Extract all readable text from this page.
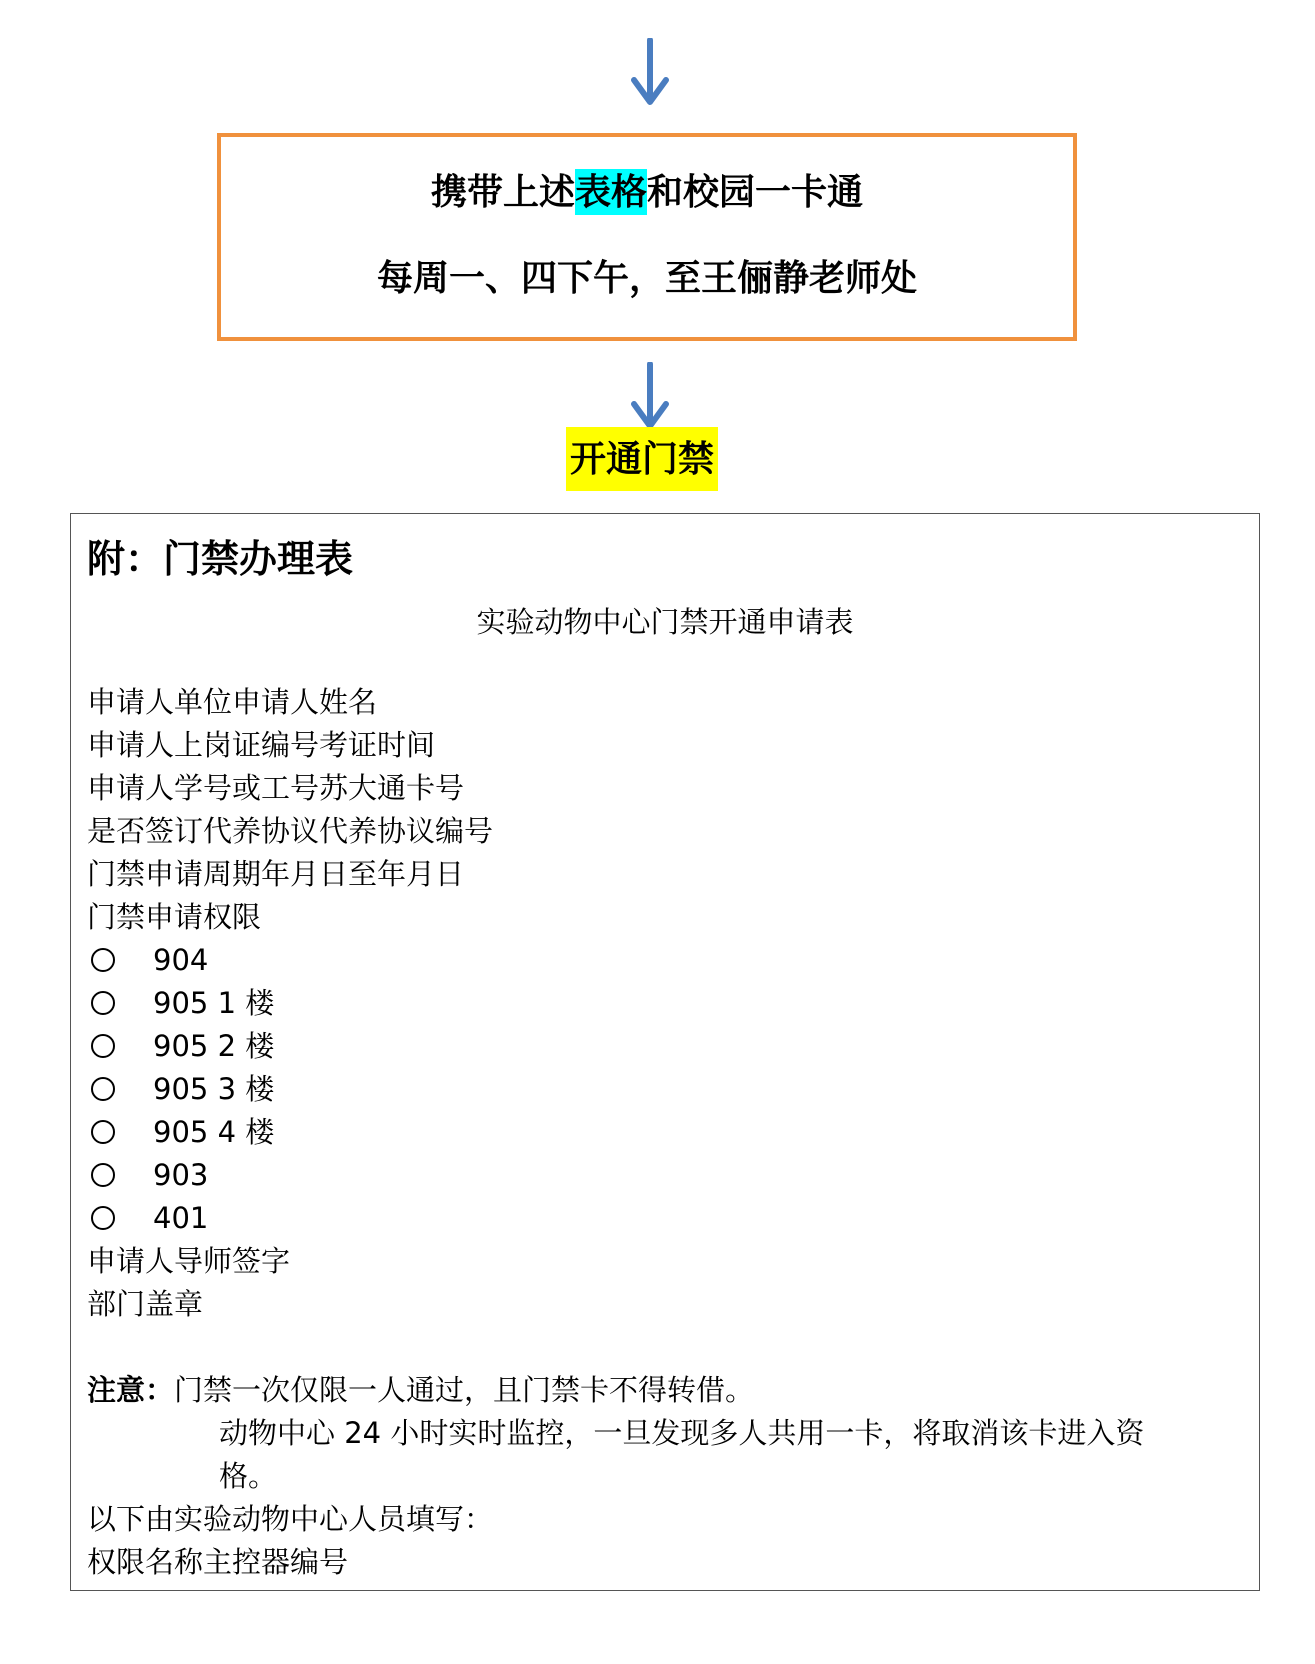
携带上述表格和校园一卡通
每周一、四下午，至王俪静老师处
开通门禁
附：门禁办理表
实验动物中心门禁开通申请表
申请人单位申请人姓名
申请人上岗证编号考证时间
申请人学号或工号苏大通卡号
是否签订代养协议代养协议编号
门禁申请周期年月日至年月日
门禁申请权限
904
905 1 楼
905 2 楼
905 3 楼
905 4 楼
903
401
申请人导师签字
部门盖章
注意：门禁一次仅限一人通过，且门禁卡不得转借。
动物中心 24 小时实时监控，一旦发现多人共用一卡，将取消该卡进入资
格。
以下由实验动物中心人员填写：
权限名称主控器编号
